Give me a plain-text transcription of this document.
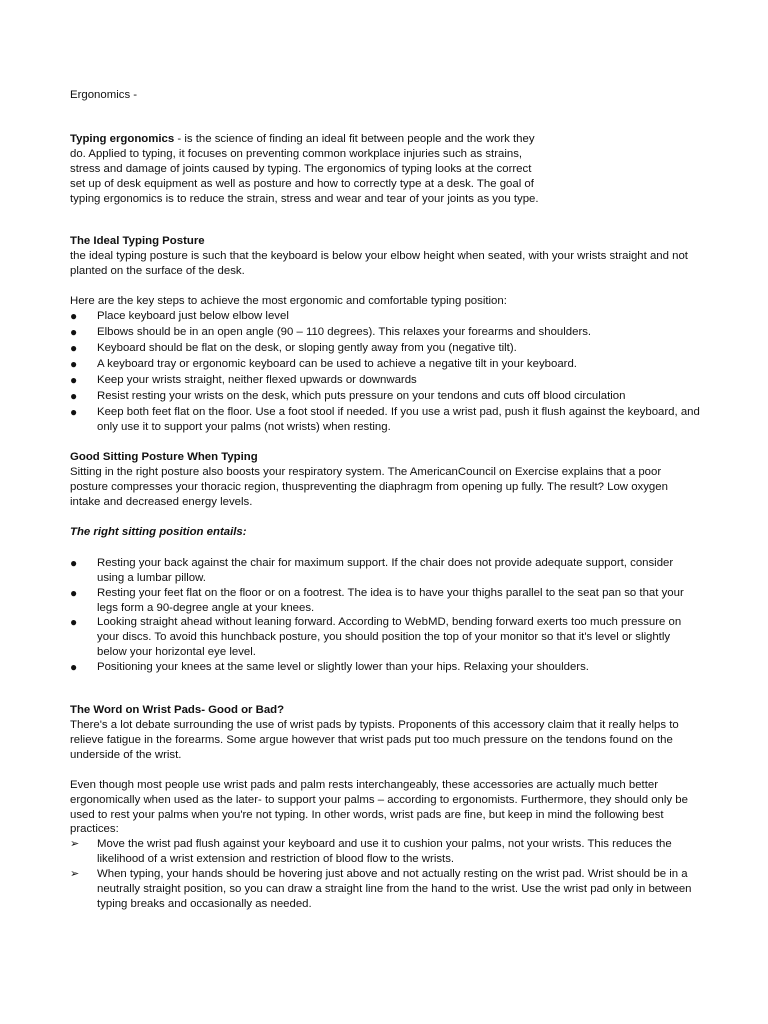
Ergonomics -

Typing ergonomics - is the science of finding an ideal fit between people and the work they do. Applied to typing, it focuses on preventing common workplace injuries such as strains, stress and damage of joints caused by typing. The ergonomics of typing looks at the correct set up of desk equipment as well as posture and how to correctly type at a desk. The goal of typing ergonomics is to reduce the strain, stress and wear and tear of your joints as you type.

The Ideal Typing Posture

the ideal typing posture is such that the keyboard is below your elbow height when seated, with your wrists straight and not planted on the surface of the desk.

Here are the key steps to achieve the most ergonomic and comfortable typing position:

●	Place keyboard just below elbow level
●	Elbows should be in an open angle (90 – 110 degrees). This relaxes your forearms and shoulders.
●	Keyboard should be flat on the desk, or sloping gently away from you (negative tilt).
●	A keyboard tray or ergonomic keyboard can be used to achieve a negative tilt in your keyboard.
●	Keep your wrists straight, neither flexed upwards or downwards
●	Resist resting your wrists on the desk, which puts pressure on your tendons and cuts off blood circulation
●	Keep both feet flat on the floor. Use a foot stool if needed. If you use a wrist pad, push it flush against the keyboard, and only use it to support your palms (not wrists) when resting.

Good Sitting Posture When Typing

Sitting in the right posture also boosts your respiratory system. The AmericanCouncil on Exercise explains that a poor posture compresses your thoracic region, thuspreventing the diaphragm from opening up fully. The result? Low oxygen intake and decreased energy levels.

The right sitting position entails:

●	Resting your back against the chair for maximum support. If the chair does not provide adequate support, consider using a lumbar pillow.
●	Resting your feet flat on the floor or on a footrest. The idea is to have your thighs parallel to the seat pan so that your legs form a 90-degree angle at your knees.
●	Looking straight ahead without leaning forward. According to WebMD, bending forward exerts too much pressure on your discs. To avoid this hunchback posture, you should position the top of your monitor so that it's level or slightly below your horizontal eye level.
●	Positioning your knees at the same level or slightly lower than your hips. Relaxing your shoulders.

The Word on Wrist Pads- Good or Bad?

There's a lot debate surrounding the use of wrist pads by typists. Proponents of this accessory claim that it really helps to relieve fatigue in the forearms. Some argue however that wrist pads put too much pressure on the tendons found on the underside of the wrist.

Even though most people use wrist pads and palm rests interchangeably, these accessories are actually much better ergonomically when used as the later- to support your palms – according to ergonomists. Furthermore, they should only be used to rest your palms when you're not typing. In other words, wrist pads are fine, but keep in mind the following best practices:

➢	Move the wrist pad flush against your keyboard and use it to cushion your palms, not your wrists. This reduces the likelihood of a wrist extension and restriction of blood flow to the wrists.
➢	When typing, your hands should be hovering just above and not actually resting on the wrist pad. Wrist should be in a neutrally straight position, so you can draw a straight line from the hand to the wrist. Use the wrist pad only in between typing breaks and occasionally as needed.
